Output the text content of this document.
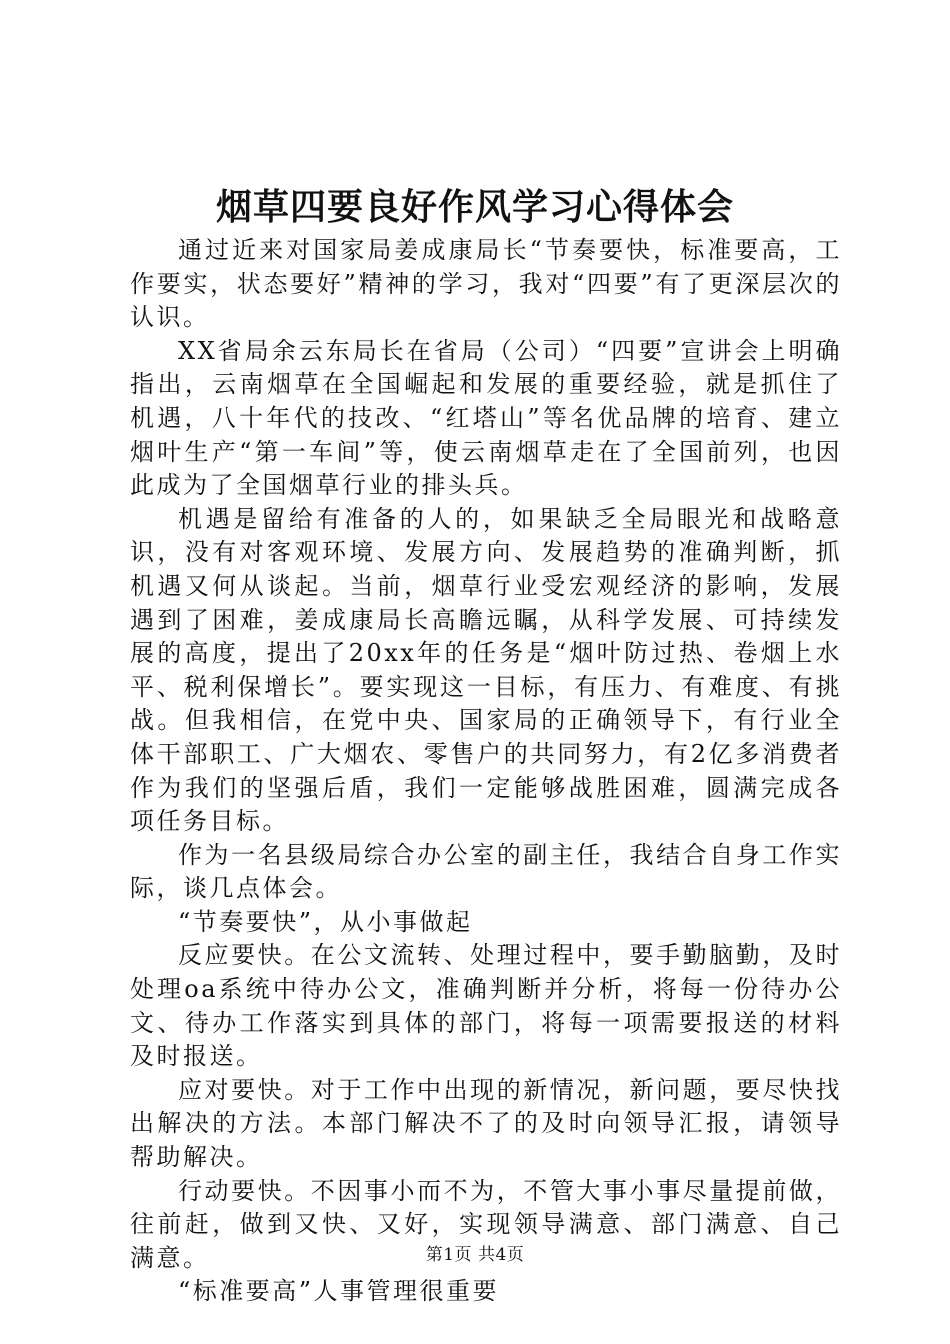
烟草四要良好作风学习心得体会

通过近来对国家局姜成康局长“节奏要快，标准要高，工作要实，状态要好”精神的学习，我对“四要”有了更深层次的认识。

XX省局余云东局长在省局（公司）“四要”宣讲会上明确指出，云南烟草在全国崛起和发展的重要经验，就是抓住了机遇，八十年代的技改、“红塔山”等名优品牌的培育、建立烟叶生产“第一车间”等，使云南烟草走在了全国前列，也因此成为了全国烟草行业的排头兵。

机遇是留给有准备的人的，如果缺乏全局眼光和战略意识，没有对客观环境、发展方向、发展趋势的准确判断，抓机遇又何从谈起。当前，烟草行业受宏观经济的影响，发展遇到了困难，姜成康局长高瞻远瞩，从科学发展、可持续发展的高度，提出了20xx年的任务是“烟叶防过热、卷烟上水平、税利保增长”。要实现这一目标，有压力、有难度、有挑战。但我相信，在党中央、国家局的正确领导下，有行业全体干部职工、广大烟农、零售户的共同努力，有2亿多消费者作为我们的坚强后盾，我们一定能够战胜困难，圆满完成各项任务目标。

作为一名县级局综合办公室的副主任，我结合自身工作实际，谈几点体会。

“节奏要快”，从小事做起

反应要快。在公文流转、处理过程中，要手勤脑勤，及时处理oa系统中待办公文，准确判断并分析，将每一份待办公文、待办工作落实到具体的部门，将每一项需要报送的材料及时报送。

应对要快。对于工作中出现的新情况，新问题，要尽快找出解决的方法。本部门解决不了的及时向领导汇报，请领导帮助解决。

行动要快。不因事小而不为，不管大事小事尽量提前做，往前赶，做到又快、又好，实现领导满意、部门满意、自己满意。

“标准要高”人事管理很重要

第1页 共4页
